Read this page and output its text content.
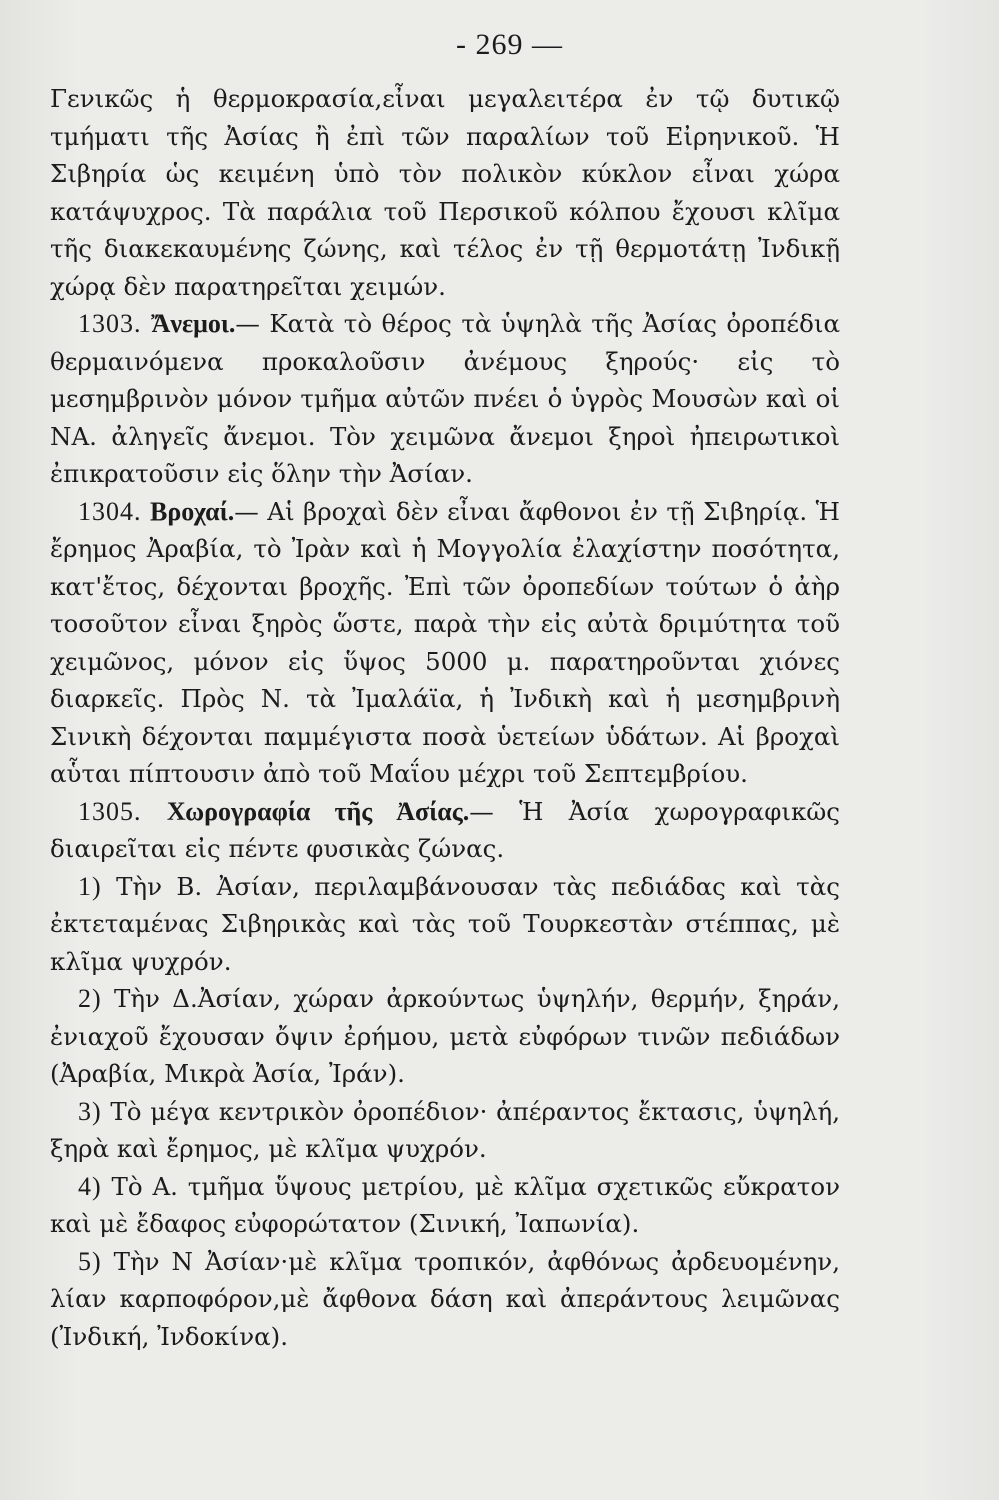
- 269 —

Γενικῶς ἡ θερμοκρασία,εἶναι μεγαλειτέρα ἐν τῷ δυτικῷ τμήματι τῆς Ἀσίας ἢ ἐπὶ τῶν παραλίων τοῦ Εἰρηνικοῦ. Ἡ Σιβηρία ὡς κειμένη ὑπὸ τὸν πολικὸν κύκλον εἶναι χώρα κατάψυχρος. Τὰ παράλια τοῦ Περσικοῦ κόλπου ἔχουσι κλῖμα τῆς διακεκαυμένης ζώνης, καὶ τέλος ἐν τῇ θερμοτάτῃ Ἰνδικῇ χώρᾳ δὲν παρατηρεῖται χειμών.

1303. Ἄνεμοι.— Κατὰ τὸ θέρος τὰ ὑψηλὰ τῆς Ἀσίας ὀροπέδια θερμαινόμενα προκαλοῦσιν ἀνέμους ξηρούς· εἰς τὸ μεσημβρινὸν μόνον τμῆμα αὐτῶν πνέει ὁ ὑγρὸς Μουσὼν καὶ οἱ ΝΑ. ἀληγεῖς ἄνεμοι. Τὸν χειμῶνα ἄνεμοι ξηροὶ ἠπειρωτικοὶ ἐπικρατοῦσιν εἰς ὅλην τὴν Ἀσίαν.

1304. Βροχαί.— Αἱ βροχαὶ δὲν εἶναι ἄφθονοι ἐν τῇ Σιβηρίᾳ. Ἡ ἔρημος Ἀραβία, τὸ Ἰρὰν καὶ ἡ Μογγολία ἐλαχίστην ποσότητα, κατ'ἔτος, δέχονται βροχῆς. Ἐπὶ τῶν ὀροπεδίων τούτων ὁ ἀὴρ τοσοῦτον εἶναι ξηρὸς ὥστε, παρὰ τὴν εἰς αὐτὰ δριμύτητα τοῦ χειμῶνος, μόνον εἰς ὕψος 5000 μ. παρατηροῦνται χιόνες διαρκεῖς. Πρὸς Ν. τὰ Ἰμαλάϊα, ἡ Ἰνδικὴ καὶ ἡ μεσημβρινὴ Σινικὴ δέχονται παμμέγιστα ποσὰ ὑετείων ὑδάτων. Αἱ βροχαὶ αὗται πίπτουσιν ἀπὸ τοῦ Μαΐου μέχρι τοῦ Σεπτεμβρίου.

1305. Χωρογραφία τῆς Ἀσίας.— Ἡ Ἀσία χωρογραφικῶς διαιρεῖται εἰς πέντε φυσικὰς ζώνας.

1) Τὴν Β. Ἀσίαν, περιλαμβάνουσαν τὰς πεδιάδας καὶ τὰς ἐκτεταμένας Σιβηρικὰς καὶ τὰς τοῦ Τουρκεστὰν στέππας, μὲ κλῖμα ψυχρόν.

2) Τὴν Δ.Ἀσίαν, χώραν ἀρκούντως ὑψηλήν, θερμήν, ξηράν, ἐνιαχοῦ ἔχουσαν ὄψιν ἐρήμου, μετὰ εὐφόρων τινῶν πεδιάδων (Ἀραβία, Μικρὰ Ἀσία, Ἰράν).

3) Τὸ μέγα κεντρικὸν ὀροπέδιον· ἀπέραντος ἔκτασις, ὑψηλή, ξηρὰ καὶ ἔρημος, μὲ κλῖμα ψυχρόν.

4) Τὸ Α. τμῆμα ὕψους μετρίου, μὲ κλῖμα σχετικῶς εὔκρατον καὶ μὲ ἔδαφος εὐφορώτατον (Σινική, Ἰαπωνία).

5) Τὴν Ν Ἀσίαν·μὲ κλῖμα τροπικόν, ἀφθόνως ἀρδευομένην, λίαν καρποφόρον,μὲ ἄφθονα δάση καὶ ἀπεράντους λειμῶνας (Ἰνδική, Ἰνδοκίνα).
